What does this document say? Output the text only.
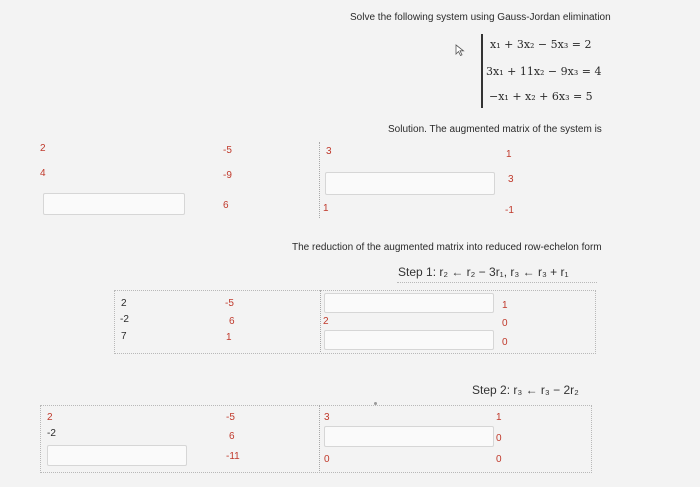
Solve the following system using Gauss-Jordan elimination
x₁ + 3x₂ − 5x₃ = 2
3x₁ + 11x₂ − 9x₃ = 4
−x₁ + x₂ + 6x₃ = 5
Solution. The augmented matrix of the system is
2
4
-5
-9
6
3
1
1
3
-1
The reduction of the augmented matrix into reduced row-echelon form
Step 1: r₂ ← r₂ − 3r₁, r₃ ← r₃ + r₁
2
-2
7
-5
6
1
2
1
0
0
Step 2: r₃ ← r₃ − 2r₂
2
-2
-5
6
-11
3
0
1
0
0
